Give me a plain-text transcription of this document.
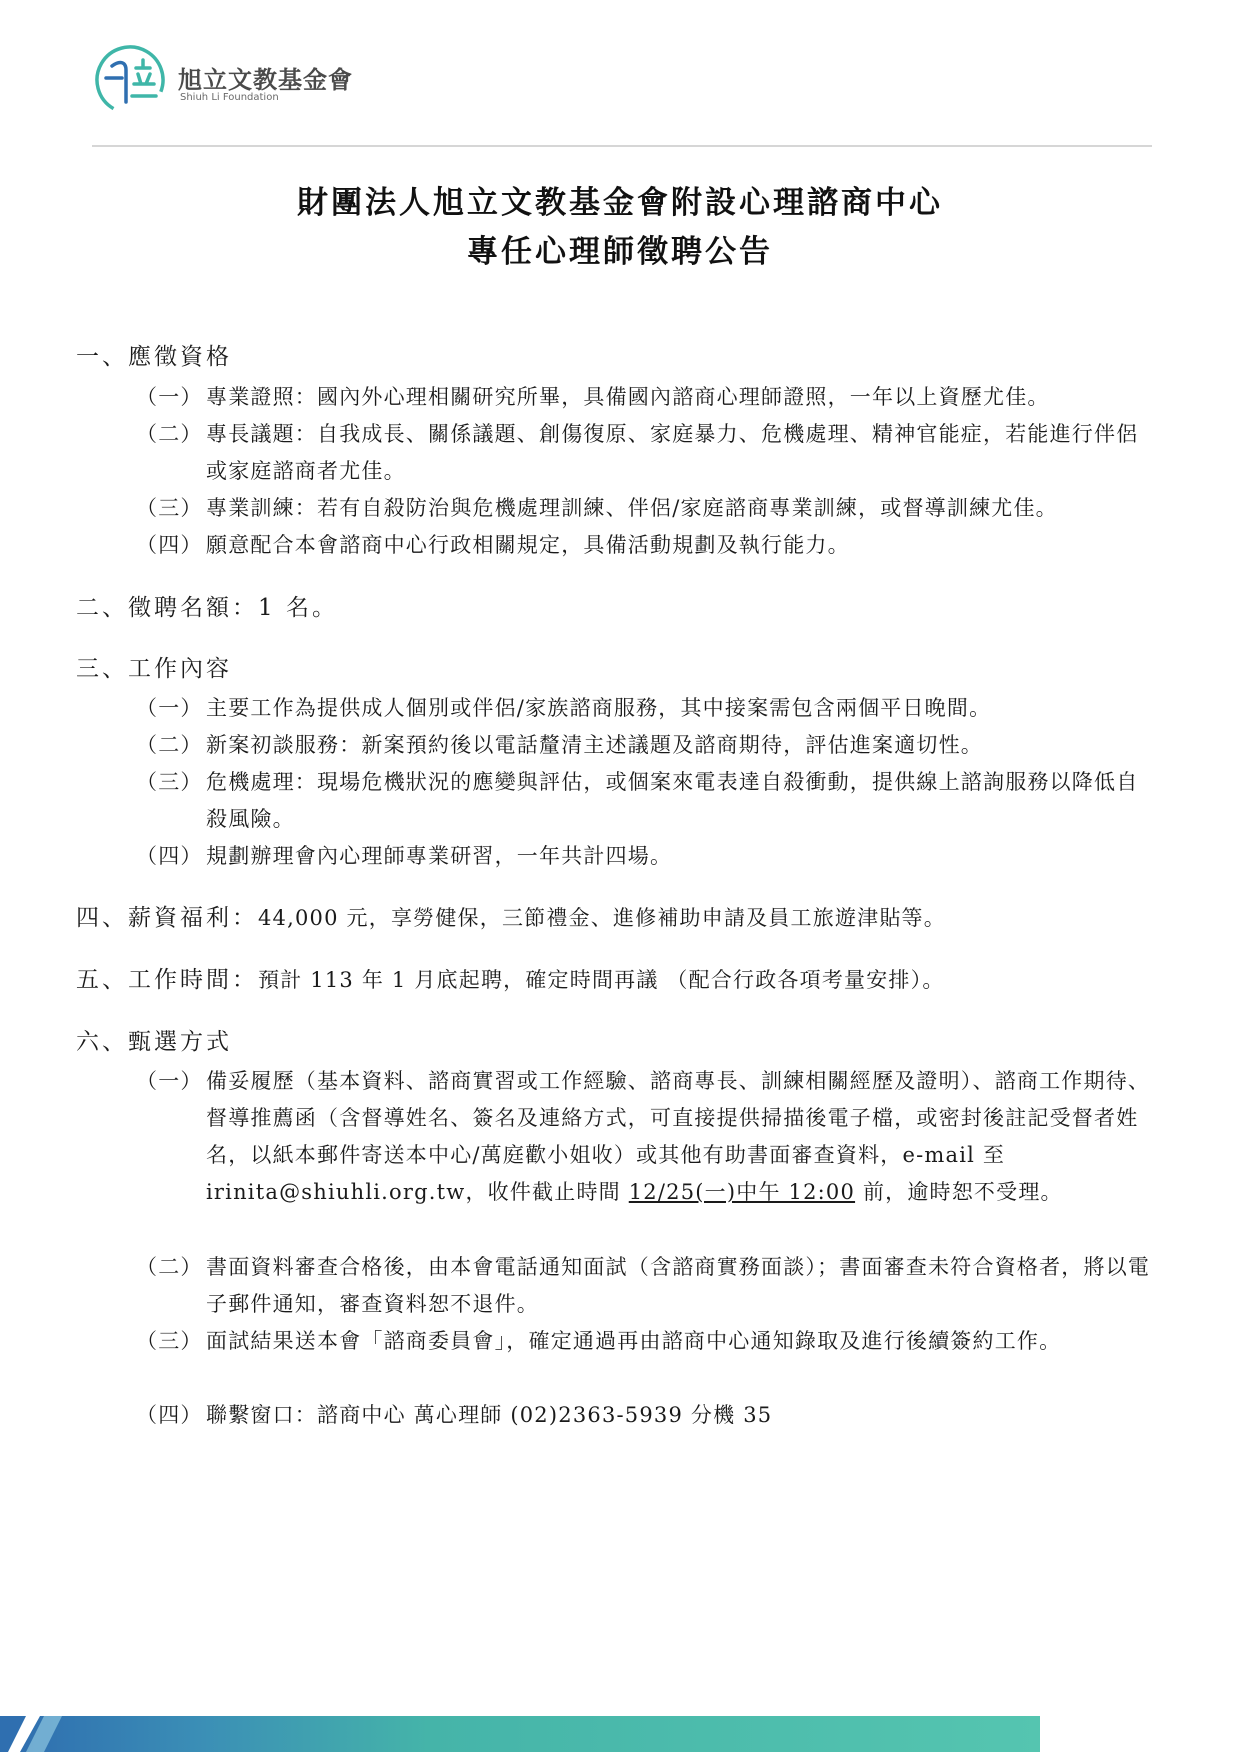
旭立文教基金會
Shiuh Li Foundation
財團法人旭立文教基金會附設心理諮商中心
專任心理師徵聘公告
一、應徵資格
（一） 專業證照：國內外心理相關研究所畢，具備國內諮商心理師證照，一年以上資歷尤佳。
（二） 專長議題：自我成長、關係議題、創傷復原、家庭暴力、危機處理、精神官能症，若能進行伴侶或家庭諮商者尤佳。
（三） 專業訓練：若有自殺防治與危機處理訓練、伴侶/家庭諮商專業訓練，或督導訓練尤佳。
（四） 願意配合本會諮商中心行政相關規定，具備活動規劃及執行能力。
二、徵聘名額：1 名。
三、工作內容
（一） 主要工作為提供成人個別或伴侶/家族諮商服務，其中接案需包含兩個平日晚間。
（二） 新案初談服務：新案預約後以電話釐清主述議題及諮商期待，評估進案適切性。
（三） 危機處理：現場危機狀況的應變與評估，或個案來電表達自殺衝動，提供線上諮詢服務以降低自殺風險。
（四） 規劃辦理會內心理師專業研習，一年共計四場。
四、薪資福利：44,000 元，享勞健保，三節禮金、進修補助申請及員工旅遊津貼等。
五、工作時間：預計 113 年 1 月底起聘，確定時間再議 （配合行政各項考量安排）。
六、甄選方式
（一） 備妥履歷（基本資料、諮商實習或工作經驗、諮商專長、訓練相關經歷及證明）、諮商工作期待、督導推薦函（含督導姓名、簽名及連絡方式，可直接提供掃描後電子檔，或密封後註記受督者姓名，以紙本郵件寄送本中心/萬庭歡小姐收）或其他有助書面審查資料，e-mail 至 irinita@shiuhli.org.tw，收件截止時間 12/25(一)中午 12:00 前，逾時恕不受理。
（二） 書面資料審查合格後，由本會電話通知面試（含諮商實務面談）；書面審查未符合資格者，將以電子郵件通知，審查資料恕不退件。
（三） 面試結果送本會「諮商委員會」，確定通過再由諮商中心通知錄取及進行後續簽約工作。
（四） 聯繫窗口：諮商中心 萬心理師 (02)2363-5939 分機 35
